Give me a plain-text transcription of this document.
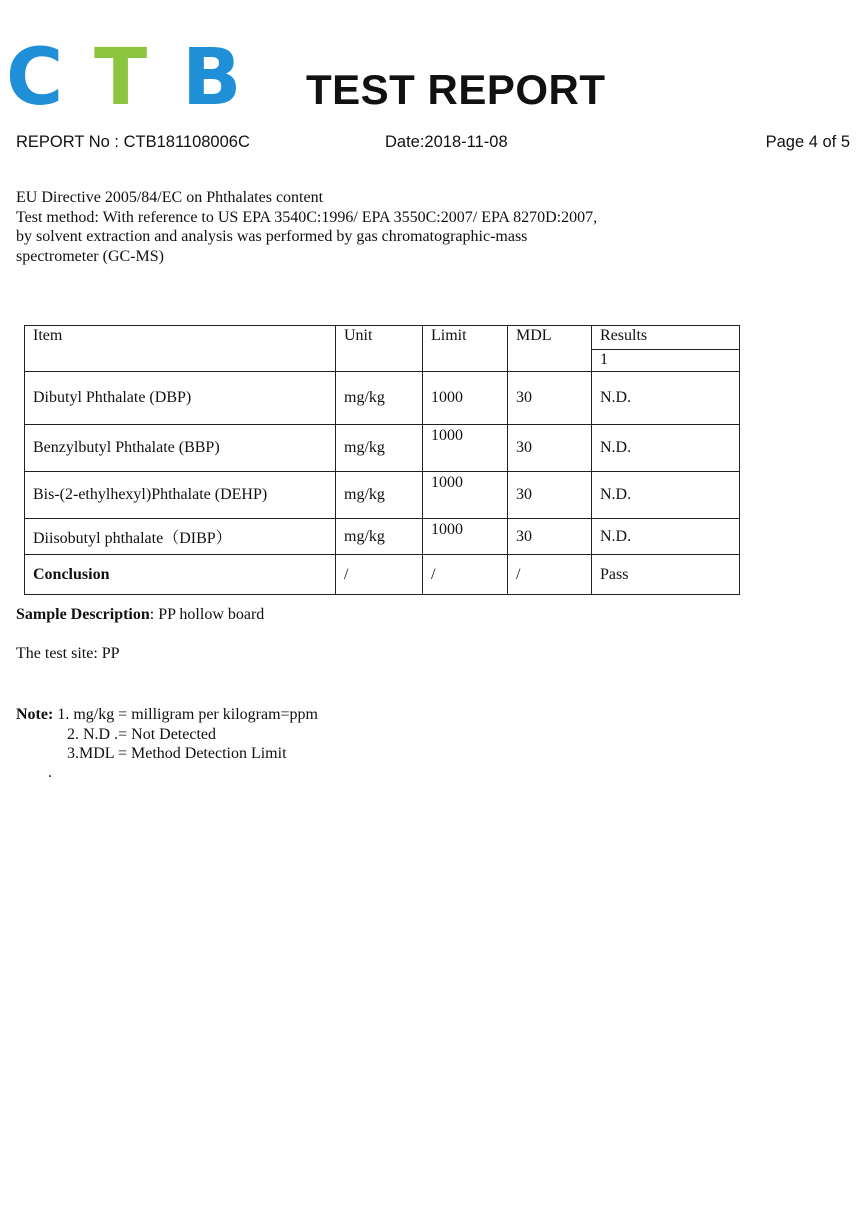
C T B TEST REPORT
REPORT No : CTB181108006C	Date:2018-11-08	Page 4 of 5
EU Directive 2005/84/EC on Phthalates content
Test method: With reference to US EPA 3540C:1996/ EPA 3550C:2007/ EPA 8270D:2007,
by solvent extraction and analysis was performed by gas chromatographic-mass
spectrometer (GC-MS)
Item	Unit	Limit	MDL	Results
				1
Dibutyl Phthalate (DBP)	mg/kg	1000	30	N.D.
Benzylbutyl Phthalate (BBP)	mg/kg	1000	30	N.D.
Bis-(2-ethylhexyl)Phthalate (DEHP)	mg/kg	1000	30	N.D.
Diisobutyl phthalate（DIBP）	mg/kg	1000	30	N.D.
Conclusion	/	/	/	Pass
Sample Description: PP hollow board
The test site: PP
Note: 1. mg/kg = milligram per kilogram=ppm
2. N.D .= Not Detected
3.MDL = Method Detection Limit
.
